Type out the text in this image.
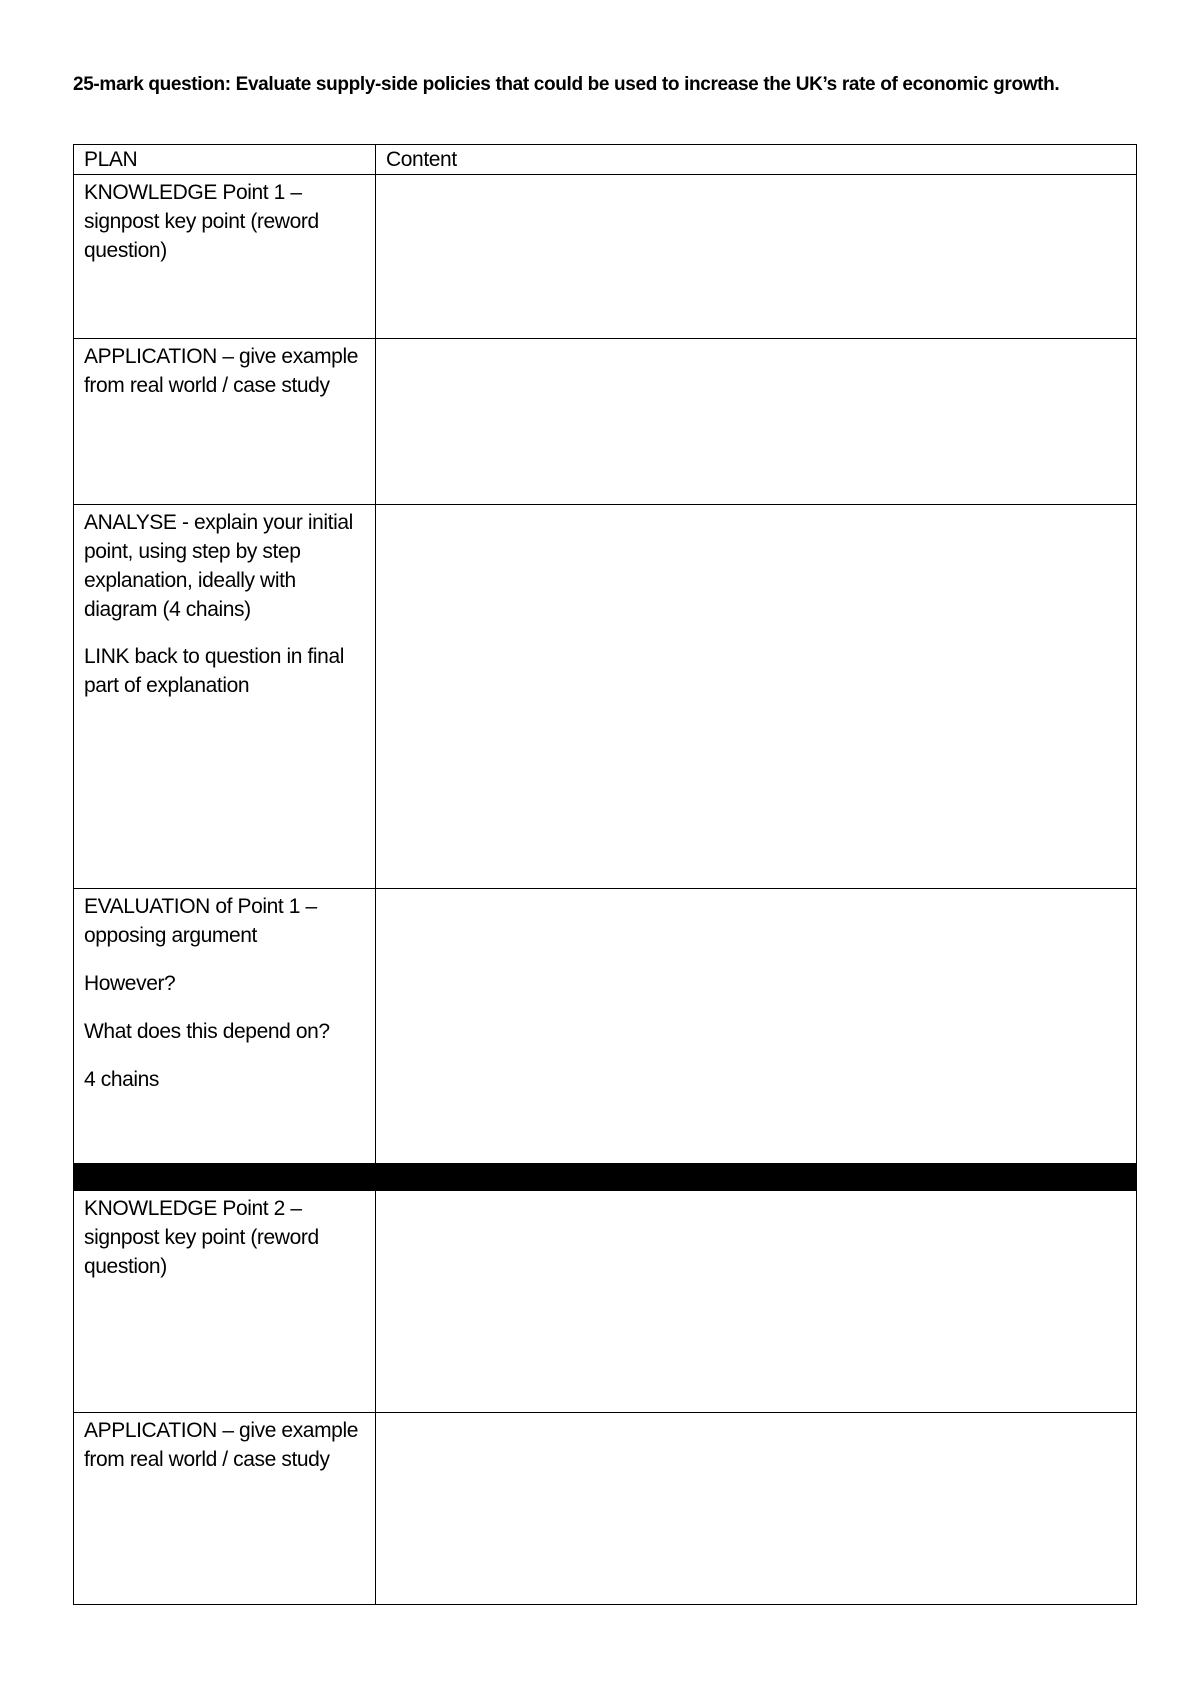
25-mark question: Evaluate supply-side policies that could be used to increase the UK’s rate of economic growth.
PLAN	Content

KNOWLEDGE Point 1 – signpost key point (reword question)	

APPLICATION – give example from real world / case study	

ANALYSE - explain your initial point, using step by step explanation, ideally with diagram (4 chains)
LINK back to question in final part of explanation	

EVALUATION of Point 1 – opposing argument
However?
What does this depend on?
4 chains	

KNOWLEDGE Point 2 – signpost key point (reword question)	

APPLICATION – give example from real world / case study	
